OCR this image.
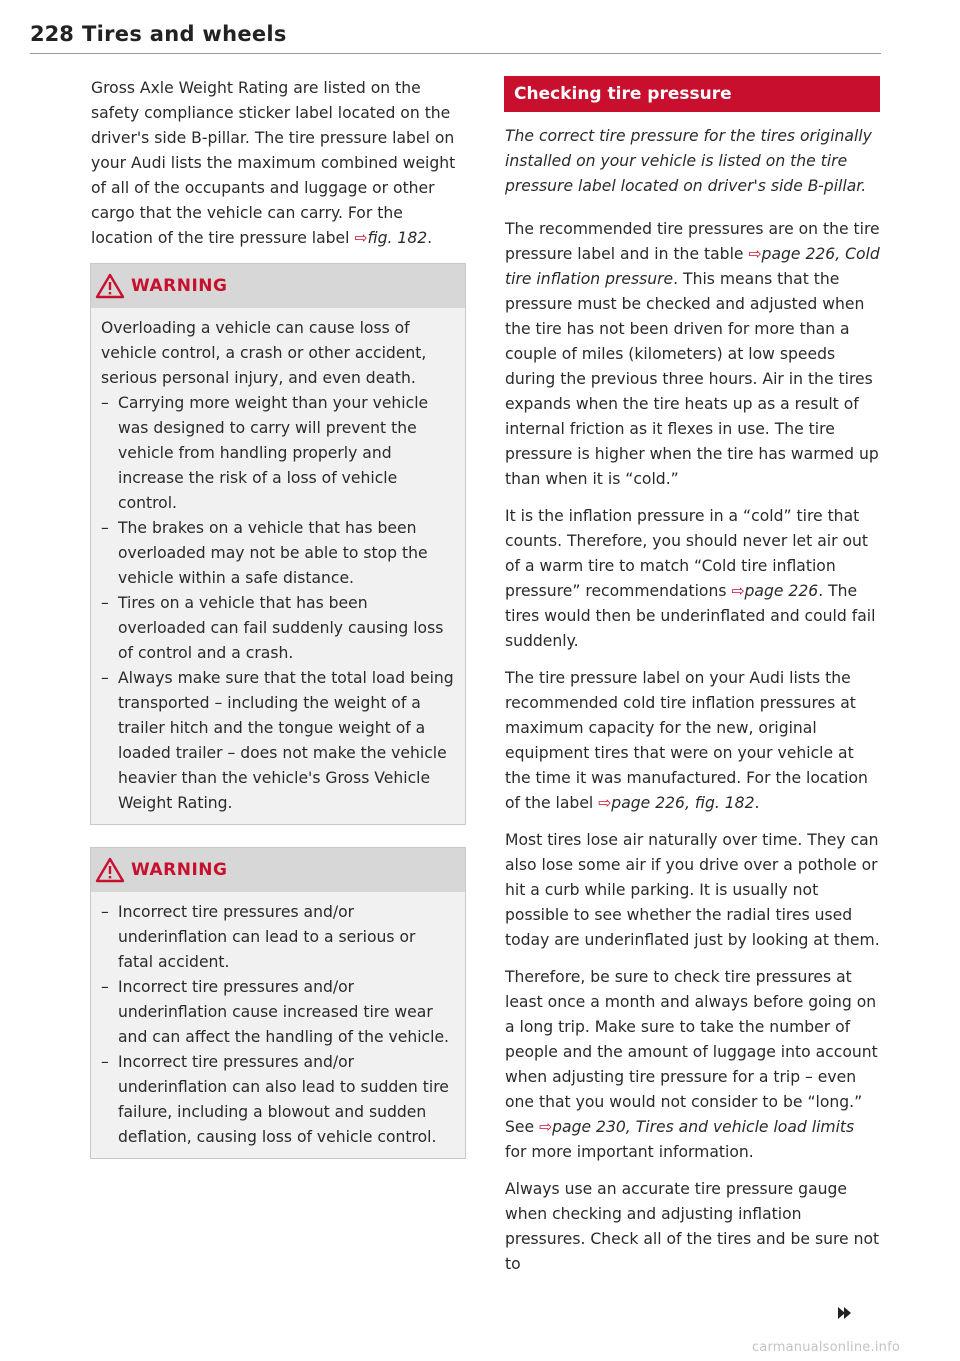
228 Tires and wheels

Gross Axle Weight Rating are listed on the safety compliance sticker label located on the driver's side B-pillar. The tire pressure label on your Audi lists the maximum combined weight of all of the occupants and luggage or other cargo that the vehicle can carry. For the location of the tire pressure label ⇨fig. 182.

WARNING

Overloading a vehicle can cause loss of vehicle control, a crash or other accident, serious personal injury, and even death.

– Carrying more weight than your vehicle was designed to carry will prevent the vehicle from handling properly and increase the risk of a loss of vehicle control.
– The brakes on a vehicle that has been overloaded may not be able to stop the vehicle within a safe distance.
– Tires on a vehicle that has been overloaded can fail suddenly causing loss of control and a crash.
– Always make sure that the total load being transported – including the weight of a trailer hitch and the tongue weight of a loaded trailer – does not make the vehicle heavier than the vehicle's Gross Vehicle Weight Rating.
WARNING
– Incorrect tire pressures and/or underinflation can lead to a serious or fatal accident.
– Incorrect tire pressures and/or underinflation cause increased tire wear and can affect the handling of the vehicle.
– Incorrect tire pressures and/or underinflation can also lead to sudden tire failure, including a blowout and sudden deflation, causing loss of vehicle control.
Checking tire pressure

The correct tire pressure for the tires originally installed on your vehicle is listed on the tire pressure label located on driver's side B-pillar.

The recommended tire pressures are on the tire pressure label and in the table ⇨page 226, Cold tire inflation pressure. This means that the pressure must be checked and adjusted when the tire has not been driven for more than a couple of miles (kilometers) at low speeds during the previous three hours. Air in the tires expands when the tire heats up as a result of internal friction as it flexes in use. The tire pressure is higher when the tire has warmed up than when it is “cold.”

It is the inflation pressure in a “cold” tire that counts. Therefore, you should never let air out of a warm tire to match “Cold tire inflation pressure” recommendations ⇨page 226. The tires would then be underinflated and could fail suddenly.

The tire pressure label on your Audi lists the recommended cold tire inflation pressures at maximum capacity for the new, original equipment tires that were on your vehicle at the time it was manufactured. For the location of the label ⇨page 226, fig. 182.

Most tires lose air naturally over time. They can also lose some air if you drive over a pothole or hit a curb while parking. It is usually not possible to see whether the radial tires used today are underinflated just by looking at them.

Therefore, be sure to check tire pressures at least once a month and always before going on a long trip. Make sure to take the number of people and the amount of luggage into account when adjusting tire pressure for a trip – even one that you would not consider to be “long.” See ⇨page 230, Tires and vehicle load limits for more important information.

Always use an accurate tire pressure gauge when checking and adjusting inflation pressures. Check all of the tires and be sure not to

carmanualsonline.info
